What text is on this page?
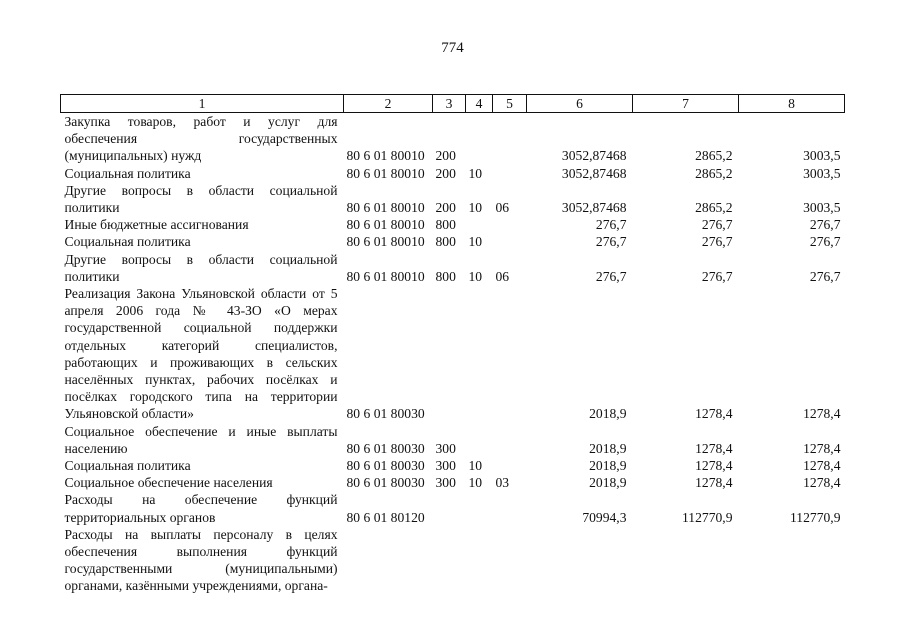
774
1	2	3	4	5	6	7	8
Закупка товаров, работ и услуг для обеспечения государственных (муниципальных) нужд	80 6 01 80010	200			3052,87468	2865,2	3003,5
Социальная политика	80 6 01 80010	200	10		3052,87468	2865,2	3003,5
Другие вопросы в области социальной политики	80 6 01 80010	200	10	06	3052,87468	2865,2	3003,5
Иные бюджетные ассигнования	80 6 01 80010	800			276,7	276,7	276,7
Социальная политика	80 6 01 80010	800	10		276,7	276,7	276,7
Другие вопросы в области социальной политики	80 6 01 80010	800	10	06	276,7	276,7	276,7
Реализация Закона Ульяновской области от 5 апреля 2006 года № 43-ЗО «О мерах государственной социальной поддержки отдельных категорий специалистов, работающих и проживающих в сельских населённых пунктах, рабочих посёлках и посёлках городского типа на территории Ульяновской области»	80 6 01 80030				2018,9	1278,4	1278,4
Социальное обеспечение и иные выплаты населению	80 6 01 80030	300			2018,9	1278,4	1278,4
Социальная политика	80 6 01 80030	300	10		2018,9	1278,4	1278,4
Социальное обеспечение населения	80 6 01 80030	300	10	03	2018,9	1278,4	1278,4
Расходы на обеспечение функций территориальных органов	80 6 01 80120				70994,3	112770,9	112770,9
Расходы на выплаты персоналу в целях обеспечения выполнения функций государственными (муниципальными) органами, казёнными учреждениями, органа-							
